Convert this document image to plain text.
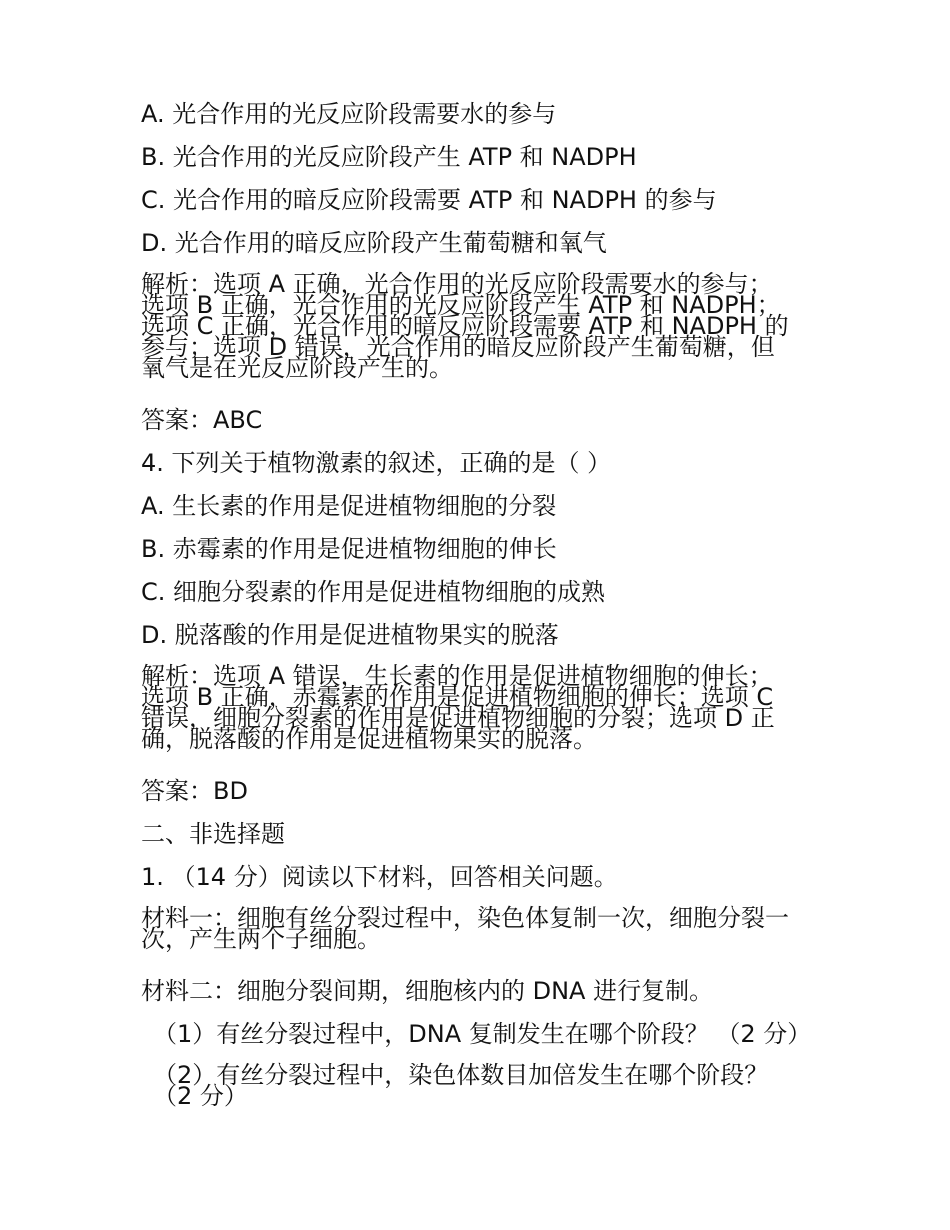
A. 光合作用的光反应阶段需要水的参与
B. 光合作用的光反应阶段产生 ATP 和 NADPH
C. 光合作用的暗反应阶段需要 ATP 和 NADPH 的参与
D. 光合作用的暗反应阶段产生葡萄糖和氧气
解析：选项 A 正确，光合作用的光反应阶段需要水的参与；
选项 B 正确，光合作用的光反应阶段产生 ATP 和 NADPH；
选项 C 正确，光合作用的暗反应阶段需要 ATP 和 NADPH 的
参与；选项 D 错误，光合作用的暗反应阶段产生葡萄糖，但
氧气是在光反应阶段产生的。
答案：ABC
4. 下列关于植物激素的叙述，正确的是（ ）
A. 生长素的作用是促进植物细胞的分裂
B. 赤霉素的作用是促进植物细胞的伸长
C. 细胞分裂素的作用是促进植物细胞的成熟
D. 脱落酸的作用是促进植物果实的脱落
解析：选项 A 错误，生长素的作用是促进植物细胞的伸长；
选项 B 正确，赤霉素的作用是促进植物细胞的伸长；选项 C
错误，细胞分裂素的作用是促进植物细胞的分裂；选项 D 正
确，脱落酸的作用是促进植物果实的脱落。
答案：BD
二、非选择题
1. （14 分）阅读以下材料，回答相关问题。
材料一：细胞有丝分裂过程中，染色体复制一次，细胞分裂一
次，产生两个子细胞。
材料二：细胞分裂间期，细胞核内的 DNA 进行复制。
（1）有丝分裂过程中，DNA 复制发生在哪个阶段？ （2 分）
（2）有丝分裂过程中，染色体数目加倍发生在哪个阶段？
（2 分）
